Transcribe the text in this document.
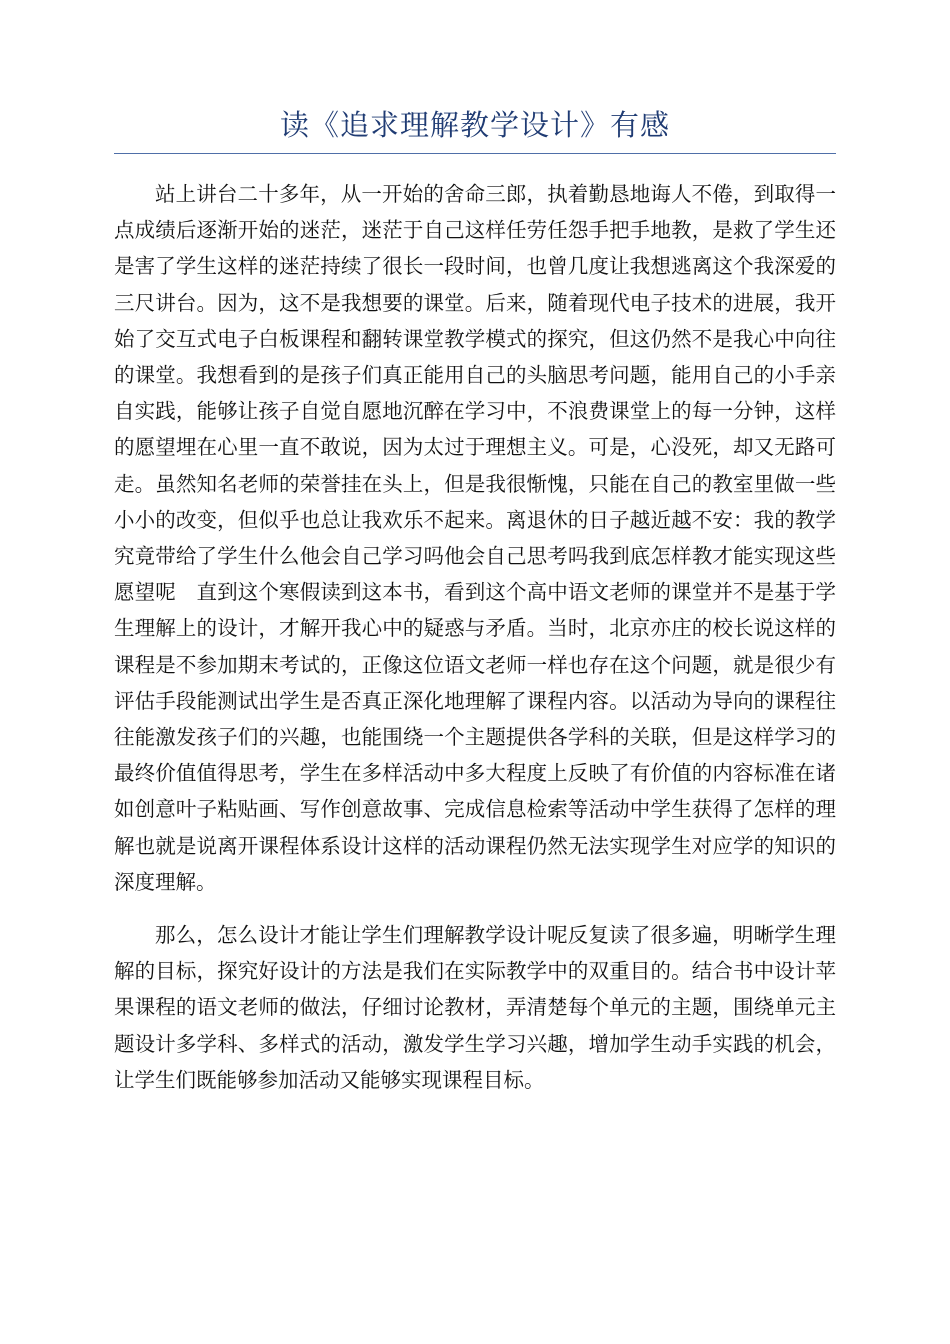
读《追求理解教学设计》有感

站上讲台二十多年，从一开始的舍命三郎，执着勤恳地诲人不倦，到取得一点成绩后逐渐开始的迷茫，迷茫于自己这样任劳任怨手把手地教，是救了学生还是害了学生这样的迷茫持续了很长一段时间，也曾几度让我想逃离这个我深爱的三尺讲台。因为，这不是我想要的课堂。后来，随着现代电子技术的进展，我开始了交互式电子白板课程和翻转课堂教学模式的探究，但这仍然不是我心中向往的课堂。我想看到的是孩子们真正能用自己的头脑思考问题，能用自己的小手亲自实践，能够让孩子自觉自愿地沉醉在学习中，不浪费课堂上的每一分钟，这样的愿望埋在心里一直不敢说，因为太过于理想主义。可是，心没死，却又无路可走。虽然知名老师的荣誉挂在头上，但是我很惭愧，只能在自己的教室里做一些小小的改变，但似乎也总让我欢乐不起来。离退休的日子越近越不安：我的教学究竟带给了学生什么他会自己学习吗他会自己思考吗我到底怎样教才能实现这些愿望呢　直到这个寒假读到这本书，看到这个高中语文老师的课堂并不是基于学生理解上的设计，才解开我心中的疑惑与矛盾。当时，北京亦庄的校长说这样的课程是不参加期末考试的，正像这位语文老师一样也存在这个问题，就是很少有评估手段能测试出学生是否真正深化地理解了课程内容。以活动为导向的课程往往能激发孩子们的兴趣，也能围绕一个主题提供各学科的关联，但是这样学习的最终价值值得思考，学生在多样活动中多大程度上反映了有价值的内容标准在诸如创意叶子粘贴画、写作创意故事、完成信息检索等活动中学生获得了怎样的理解也就是说离开课程体系设计这样的活动课程仍然无法实现学生对应学的知识的深度理解。

那么，怎么设计才能让学生们理解教学设计呢反复读了很多遍，明晰学生理解的目标，探究好设计的方法是我们在实际教学中的双重目的。结合书中设计苹果课程的语文老师的做法，仔细讨论教材，弄清楚每个单元的主题，围绕单元主题设计多学科、多样式的活动，激发学生学习兴趣，增加学生动手实践的机会，让学生们既能够参加活动又能够实现课程目标。
